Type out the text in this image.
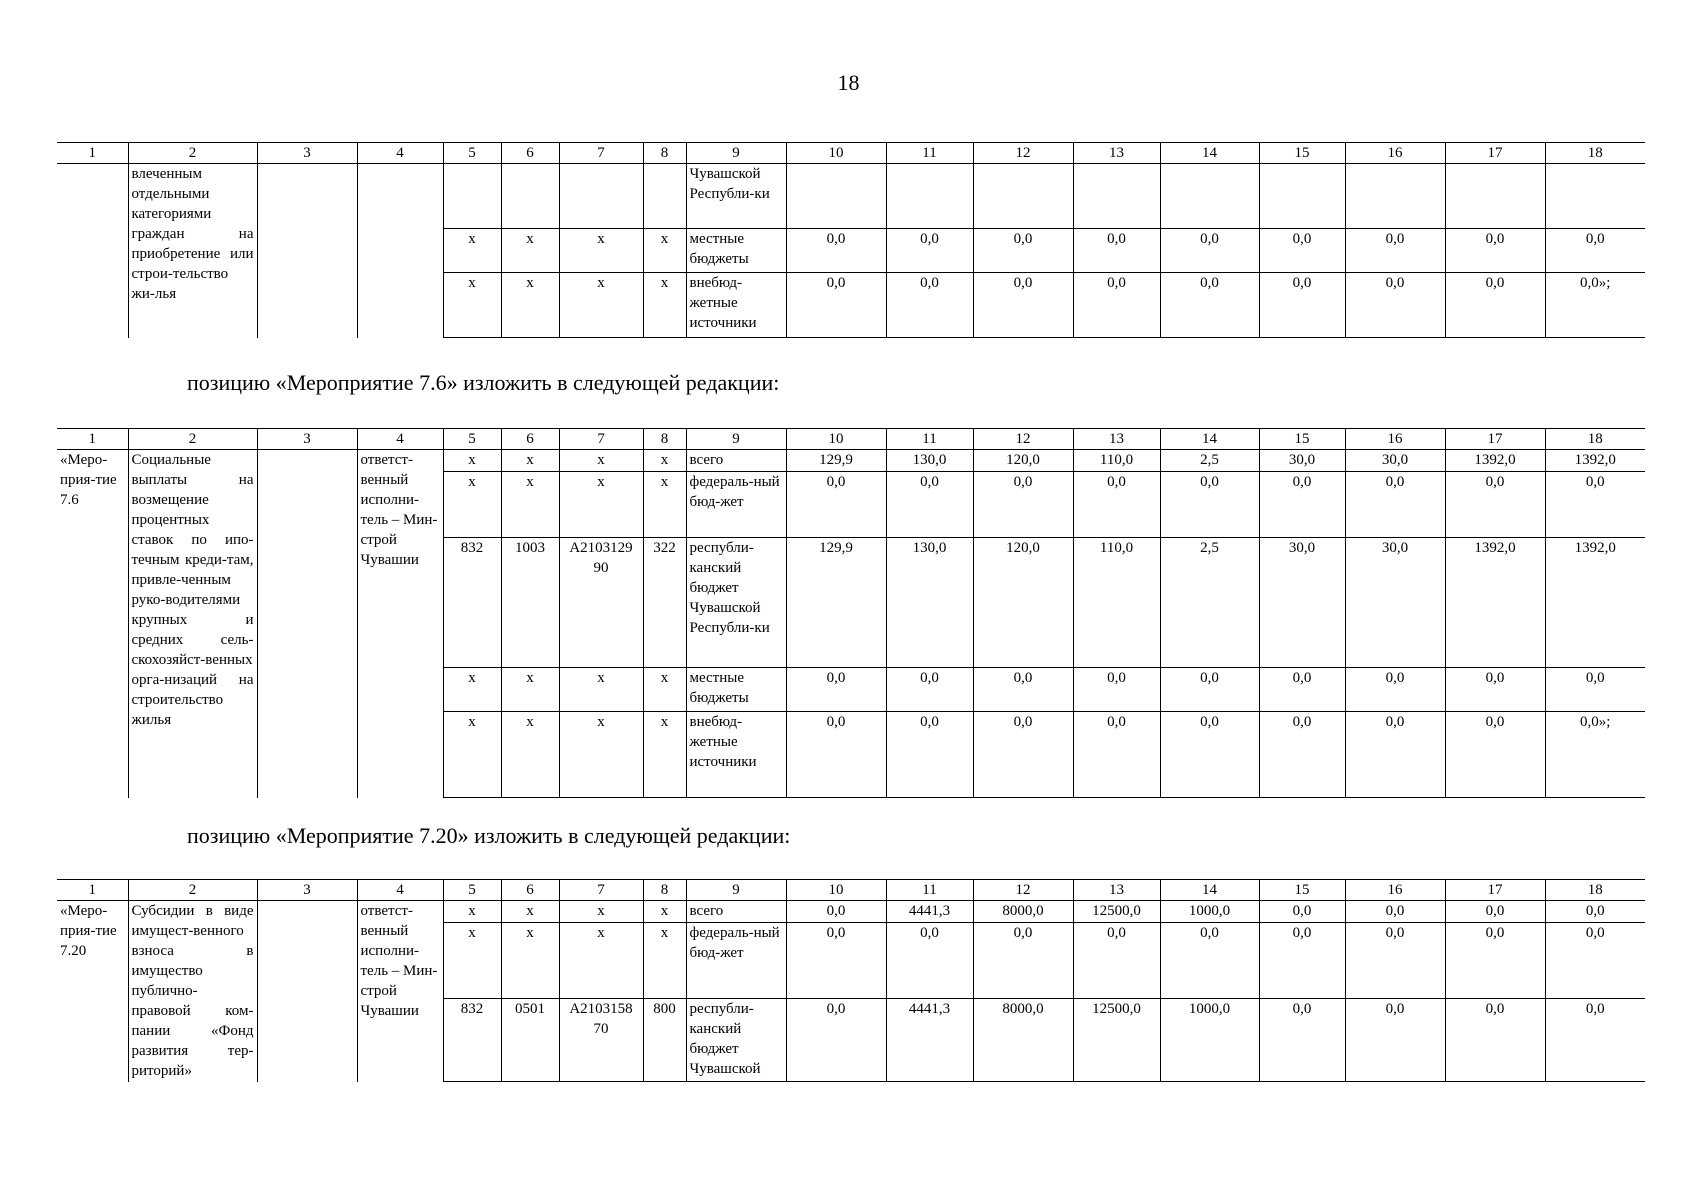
18
1	2	3	4	5	6	7	8	9	10	11	12	13	14	15	16	17	18
	влеченным отдельными категориями граждан на приобретение или строи-тельство жи-лья							Чувашской Республи-ки									
				х	х	х	х	местные бюджеты	0,0	0,0	0,0	0,0	0,0	0,0	0,0	0,0	0,0
				х	х	х	х	внебюд-жетные источники	0,0	0,0	0,0	0,0	0,0	0,0	0,0	0,0	0,0»;
позицию «Мероприятие 7.6» изложить в следующей редакции:
1	2	3	4	5	6	7	8	9	10	11	12	13	14	15	16	17	18
«Меро-прия-тие 7.6	Социальные выплаты на возмещение процентных ставок по ипо-течным креди-там, привле-ченным руко-водителями крупных и средних сель-скохозяйст-венных орга-низаций на строительство жилья		ответст-венный исполни-тель – Мин-строй Чувашии	х	х	х	х	всего	129,9	130,0	120,0	110,0	2,5	30,0	30,0	1392,0	1392,0
				х	х	х	х	федераль-ный бюд-жет	0,0	0,0	0,0	0,0	0,0	0,0	0,0	0,0	0,0
				832	1003	А2103129 90	322	республи-канский бюджет Чувашской Республи-ки	129,9	130,0	120,0	110,0	2,5	30,0	30,0	1392,0	1392,0
				х	х	х	х	местные бюджеты	0,0	0,0	0,0	0,0	0,0	0,0	0,0	0,0	0,0
				х	х	х	х	внебюд-жетные источники	0,0	0,0	0,0	0,0	0,0	0,0	0,0	0,0	0,0»;
позицию «Мероприятие 7.20» изложить в следующей редакции:
1	2	3	4	5	6	7	8	9	10	11	12	13	14	15	16	17	18
«Меро-прия-тие 7.20	Субсидии в виде имущест-венного взноса в имущество публично-правовой ком-пании «Фонд развития тер-риторий»		ответст-венный исполни-тель – Мин-строй Чувашии	х	х	х	х	всего	0,0	4441,3	8000,0	12500,0	1000,0	0,0	0,0	0,0	0,0
				х	х	х	х	федераль-ный бюд-жет	0,0	0,0	0,0	0,0	0,0	0,0	0,0	0,0	0,0
				832	0501	А2103158 70	800	республи-канский бюджет Чувашской	0,0	4441,3	8000,0	12500,0	1000,0	0,0	0,0	0,0	0,0
